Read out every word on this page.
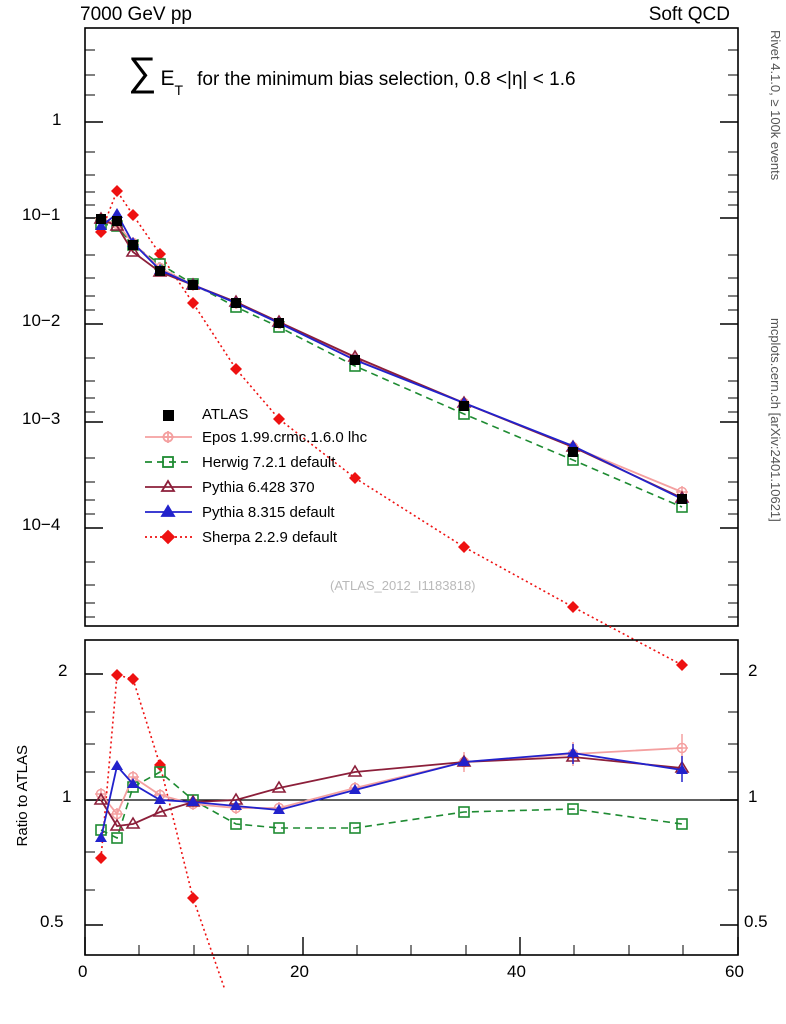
7000 GeV pp	Soft QCD
Rivet 4.1.0, ≥ 100k events
mcplots.cern.ch [arXiv:2401.10621]
1
10−1
10−2
10−3
10−4
2
1
0.5
2
1
0.5
Ratio to ATLAS
0	20	40	60
∑ E T for the minimum bias selection, 0.8 <|η| < 1.6
ATLAS
Epos 1.99.crmc.1.6.0 lhc
Herwig 7.2.1 default
Pythia 6.428 370
Pythia 8.315 default
Sherpa 2.2.9 default
(ATLAS_2012_I1183818)
